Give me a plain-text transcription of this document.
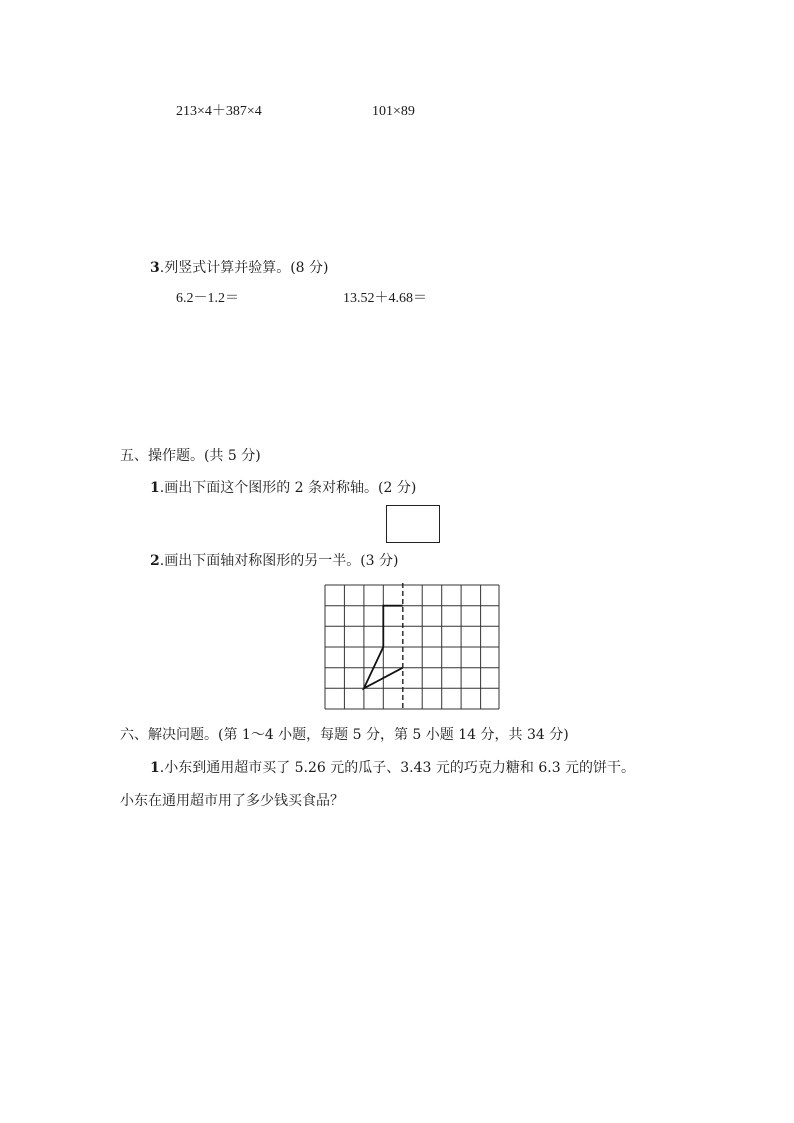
213×4＋387×4	101×89
3.列竖式计算并验算。(8 分)
6.2－1.2＝	13.52＋4.68＝
五、操作题。(共 5 分)
1.画出下面这个图形的 2 条对称轴。(2 分)
2.画出下面轴对称图形的另一半。(3 分)
六、解决问题。(第 1～4 小题，每题 5 分，第 5 小题 14 分，共 34 分)
1.小东到通用超市买了 5.26 元的瓜子、3.43 元的巧克力糖和 6.3 元的饼干。
小东在通用超市用了多少钱买食品？
